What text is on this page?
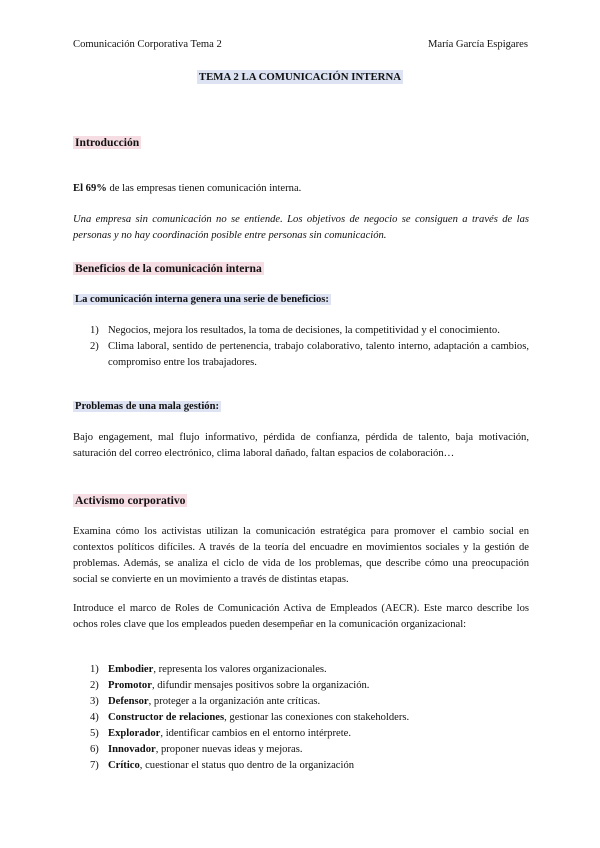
Comunicación Corporativa Tema 2	María García Espigares
TEMA 2 LA COMUNICACIÓN INTERNA
Introducción
El 69% de las empresas tienen comunicación interna.
Una empresa sin comunicación no se entiende. Los objetivos de negocio se consiguen a través de las personas y no hay coordinación posible entre personas sin comunicación.
Beneficios de la comunicación interna
La comunicación interna genera una serie de beneficios:
1) Negocios, mejora los resultados, la toma de decisiones, la competitividad y el conocimiento.
2) Clima laboral, sentido de pertenencia, trabajo colaborativo, talento interno, adaptación a cambios, compromiso entre los trabajadores.
Problemas de una mala gestión:
Bajo engagement, mal flujo informativo, pérdida de confianza, pérdida de talento, baja motivación, saturación del correo electrónico, clima laboral dañado, faltan espacios de colaboración…
Activismo corporativo
Examina cómo los activistas utilizan la comunicación estratégica para promover el cambio social en contextos políticos difíciles. A través de la teoría del encuadre en movimientos sociales y la gestión de problemas. Además, se analiza el ciclo de vida de los problemas, que describe cómo una preocupación social se convierte en un movimiento a través de distintas etapas.
Introduce el marco de Roles de Comunicación Activa de Empleados (AECR). Este marco describe los ochos roles clave que los empleados pueden desempeñar en la comunicación organizacional:
1) Embodier, representa los valores organizacionales.
2) Promotor, difundir mensajes positivos sobre la organización.
3) Defensor, proteger a la organización ante críticas.
4) Constructor de relaciones, gestionar las conexiones con stakeholders.
5) Explorador, identificar cambios en el entorno intérprete.
6) Innovador, proponer nuevas ideas y mejoras.
7) Crítico, cuestionar el status quo dentro de la organización
